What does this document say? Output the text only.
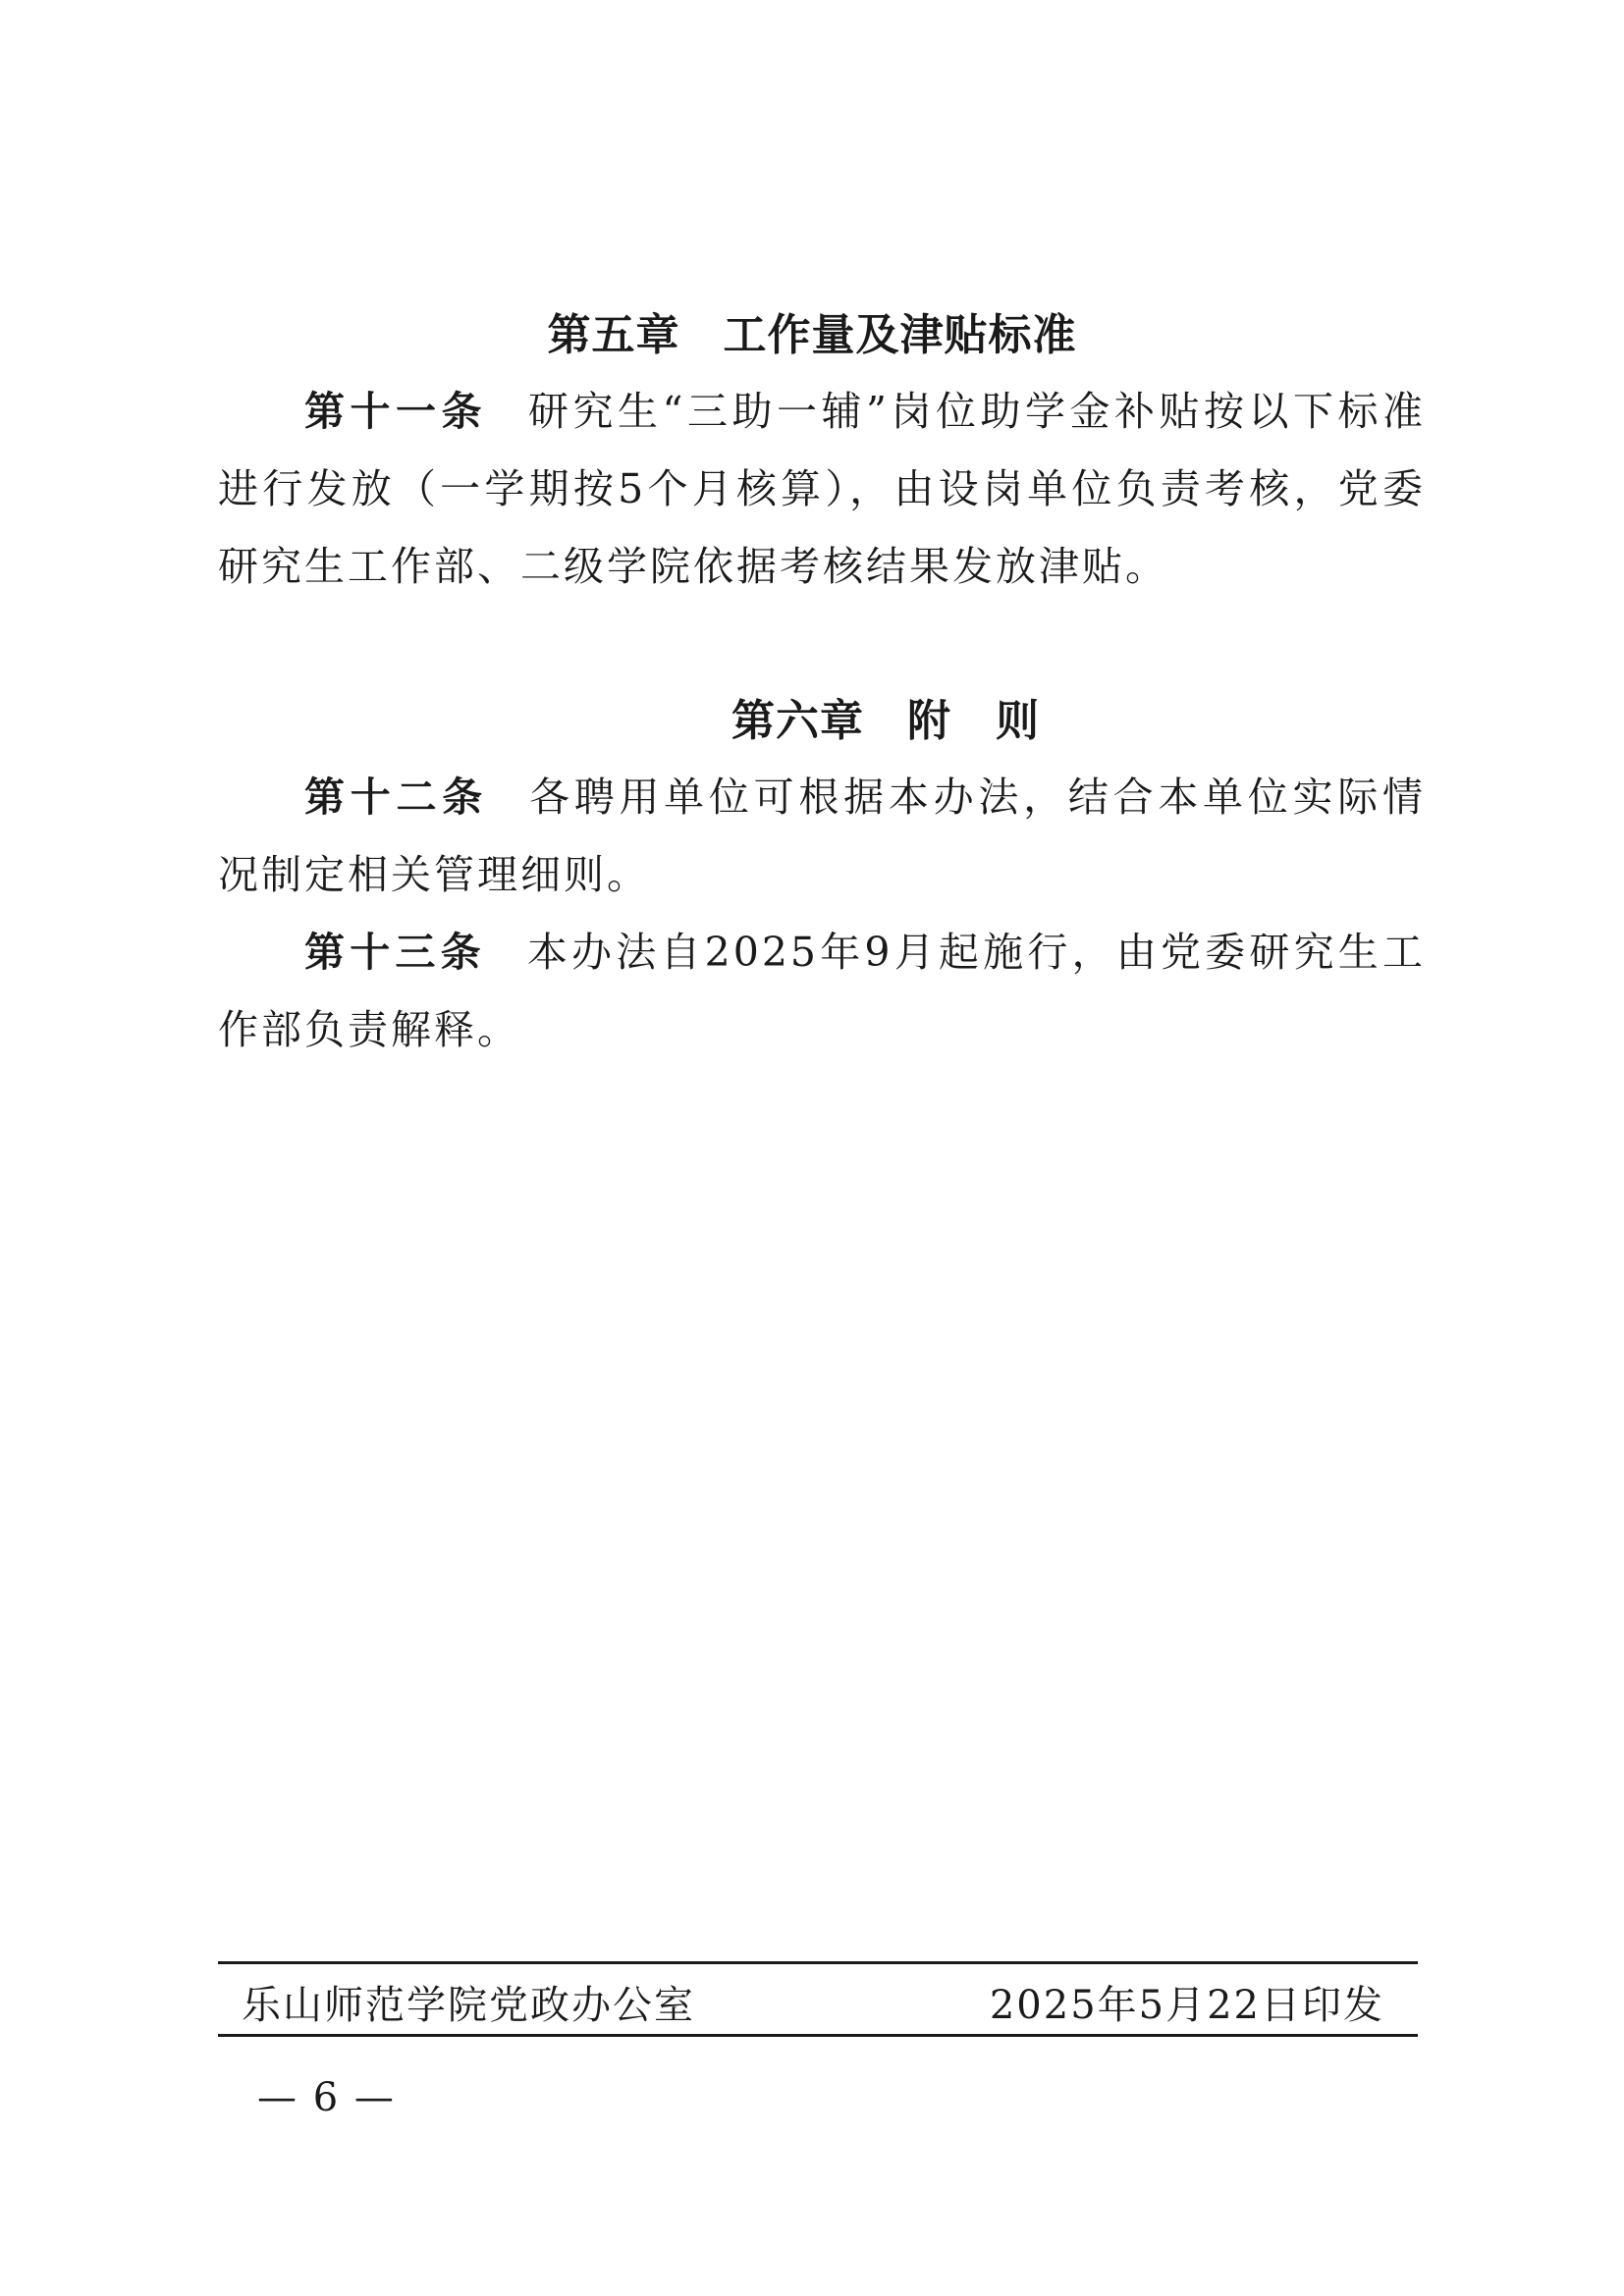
第五章 工作量及津贴标准
第十一条 研究生“三助一辅”岗位助学金补贴按以下标准进行发放（一学期按5个月核算），由设岗单位负责考核，党委研究生工作部、二级学院依据考核结果发放津贴。
第六章 附　则
第十二条 各聘用单位可根据本办法，结合本单位实际情况制定相关管理细则。
第十三条 本办法自2025年9月起施行，由党委研究生工作部负责解释。
乐山师范学院党政办公室	2025年5月22日印发
— 6 —
